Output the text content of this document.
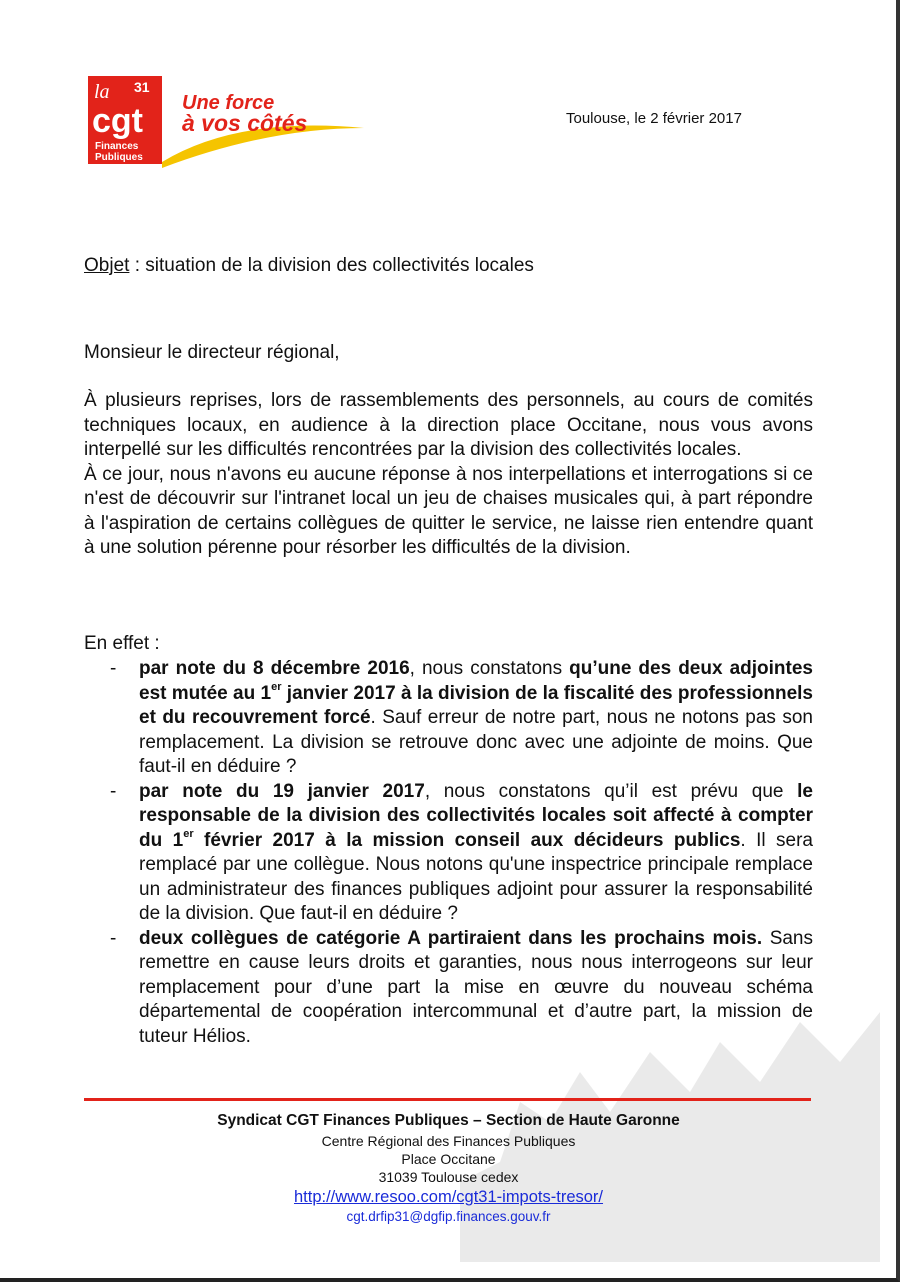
la 31
cgt
Finances
Publiques
Une force
à vos côtés	Toulouse, le 2 février 2017
Objet : situation de la division des collectivités locales
Monsieur le directeur régional,

À plusieurs reprises, lors de rassemblements des personnels, au cours de comités techniques locaux, en audience à la direction place Occitane, nous vous avons interpellé sur les difficultés rencontrées par la division des collectivités locales.

À ce jour, nous n'avons eu aucune réponse à nos interpellations et interrogations si ce n'est de découvrir sur l'intranet local un jeu de chaises musicales qui, à part répondre à l'aspiration de certains collègues de quitter le service, ne laisse rien entendre quant à une solution pérenne pour résorber les difficultés de la division.

En effet :
- par note du 8 décembre 2016, nous constatons qu’une des deux adjointes est mutée au 1er janvier 2017 à la division de la fiscalité des professionnels et du recouvrement forcé. Sauf erreur de notre part, nous ne notons pas son remplacement. La division se retrouve donc avec une adjointe de moins. Que faut-il en déduire ?
- par note du 19 janvier 2017, nous constatons qu’il est prévu que le responsable de la division des collectivités locales soit affecté à compter du 1er février 2017 à la mission conseil aux décideurs publics. Il sera remplacé par une collègue. Nous notons qu'une inspectrice principale remplace un administrateur des finances publiques adjoint pour assurer la responsabilité de la division. Que faut-il en déduire ?
- deux collègues de catégorie A partiraient dans les prochains mois. Sans remettre en cause leurs droits et garanties, nous nous interrogeons sur leur remplacement pour d’une part la mise en œuvre du nouveau schéma départemental de coopération intercommunal et d’autre part, la mission de tuteur Hélios.
Syndicat CGT Finances Publiques – Section de Haute Garonne
Centre Régional des Finances Publiques
Place Occitane
31039 Toulouse cedex
http://www.resoo.com/cgt31-impots-tresor/
cgt.drfip31@dgfip.finances.gouv.fr
